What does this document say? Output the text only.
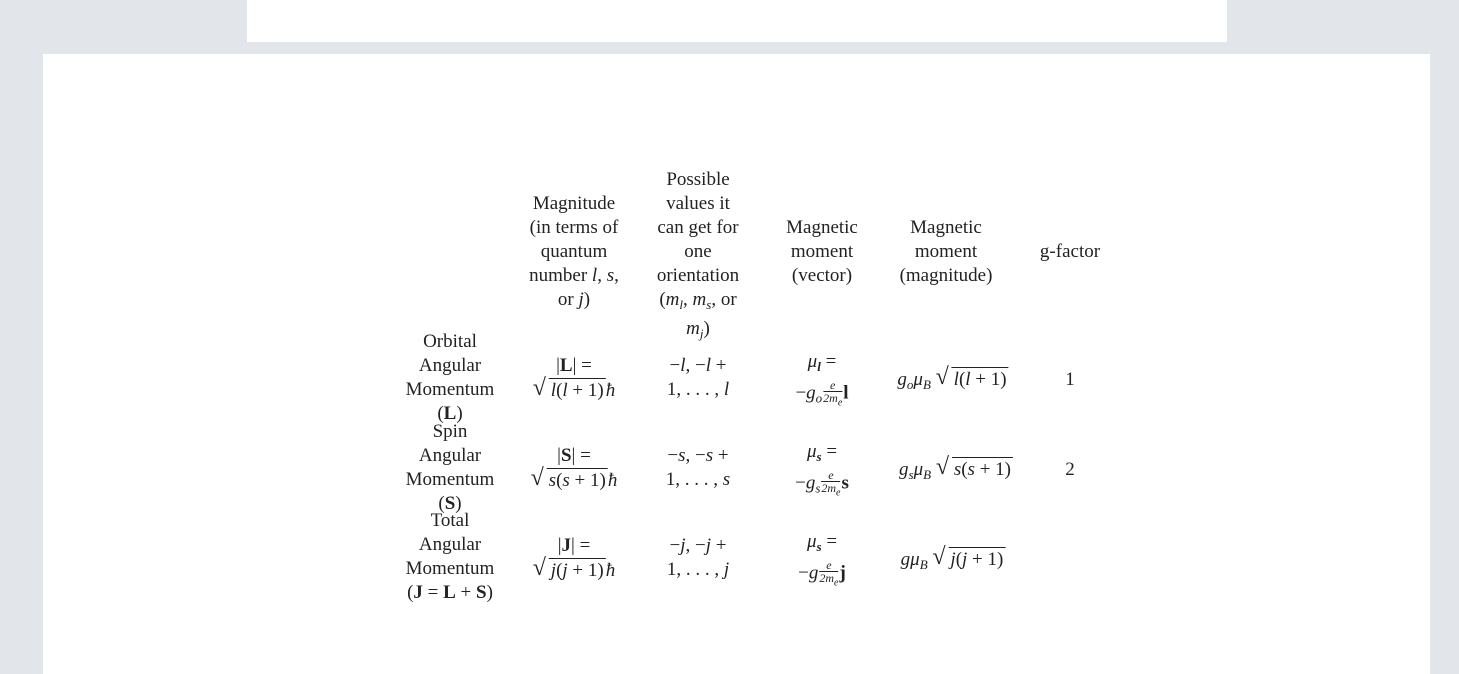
Magnitude
(in terms of
quantum
number l, s,
or j)
Possible
values it
can get for
one
orientation
($m_l$, $m_s$, or
$m_j$)
Magnetic
moment
(vector)
Magnetic
moment
(magnitude)
g-factor
Orbital
Angular
Momentum
(L)
|L| =
√ l(l + 1) ħ
−l, −l +
1, . . . , l
$\mu_l$ =
$-g_o \frac{e}{2m_e}$ l
$g_o\mu_B$ √ l(l + 1)	1
Spin
Angular
Momentum
(S)
|S| =
√ s(s + 1) ħ
−s, −s +
1, . . . , s
$\mu_s$ =
$-g_s \frac{e}{2m_e}$ s
$g_s\mu_B$ √ s(s + 1)	2
Total
Angular
Momentum
(J = L + S)
|J| =
√ j(j + 1) ħ
−j, −j +
1, . . . , j
$\mu_s$ =
$-g \frac{e}{2m_e}$ j
$g\mu_B$ √ j(j + 1)
